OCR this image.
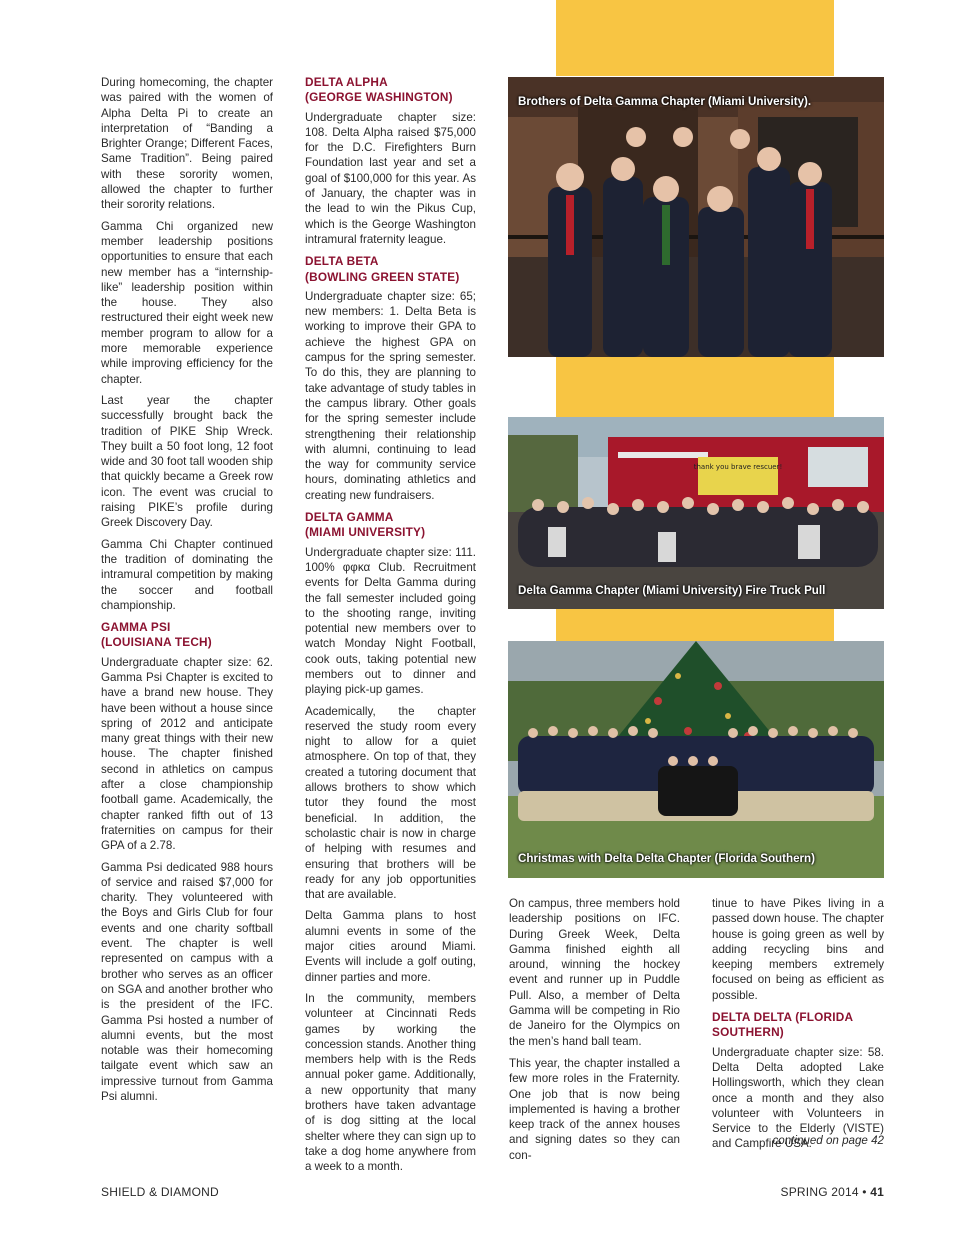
During homecoming, the chapter was paired with the women of Alpha Delta Pi to create an interpretation of “Banding a Brighter Orange; Different Faces, Same Tradition”. Being paired with these sorority women, allowed the chapter to further their sorority relations.

Gamma Chi organized new member leadership positions opportunities to ensure that each new member has a “internship-like” leadership position within the house. They also restructured their eight week new member program to allow for a more memorable experience while improving efficiency for the chapter.

Last year the chapter successfully brought back the tradition of PIKE Ship Wreck. They built a 50 foot long, 12 foot wide and 30 foot tall wooden ship that quickly became a Greek row icon. The event was crucial to raising PIKE’s profile during Greek Discovery Day.

Gamma Chi Chapter continued the tradition of dominating the intramural competition by making the soccer and football championship.

GAMMA PSI
(LOUISIANA TECH)

Undergraduate chapter size: 62. Gamma Psi Chapter is excited to have a brand new house. They have been without a house since spring of 2012 and anticipate many great things with their new house. The chapter finished second in athletics on campus after a close championship football game. Academically, the chapter ranked fifth out of 13 fraternities on campus for their GPA of a 2.78.

Gamma Psi dedicated 988 hours of service and raised $7,000 for charity. They volunteered with the Boys and Girls Club for four events and one charity softball event. The chapter is well represented on campus with a brother who serves as an officer on SGA and another brother who is the president of the IFC. Gamma Psi hosted a number of alumni events, but the most notable was their homecoming tailgate event which saw an impressive turnout from Gamma Psi alumni.

DELTA ALPHA
(GEORGE WASHINGTON)

Undergraduate chapter size: 108. Delta Alpha raised $75,000 for the D.C. Firefighters Burn Foundation last year and set a goal of $100,000 for this year. As of January, the chapter was in the lead to win the Pikus Cup, which is the George Washington intramural fraternity league.

DELTA BETA
(BOWLING GREEN STATE)

Undergraduate chapter size: 65; new members: 1. Delta Beta is working to improve their GPA to achieve the highest GPA on campus for the spring semester. To do this, they are planning to take advantage of study tables in the campus library. Other goals for the spring semester include strengthening their relationship with alumni, continuing to lead the way for community service hours, dominating athletics and creating new fundraisers.

DELTA GAMMA
(MIAMI UNIVERSITY)

Undergraduate chapter size: 111. 100% φφκα Club. Recruitment events for Delta Gamma during the fall semester included going to the shooting range, inviting potential new members over to watch Monday Night Football, cook outs, taking potential new members out to dinner and playing pick-up games.

Academically, the chapter reserved the study room every night to allow for a quiet atmosphere. On top of that, they created a tutoring document that allows brothers to show which tutor they found the most beneficial. In addition, the scholastic chair is now in charge of helping with resumes and ensuring that brothers will be ready for any job opportunities that are available.

Delta Gamma plans to host alumni events in some of the major cities around Miami. Events will include a golf outing, dinner parties and more.

In the community, members volunteer at Cincinnati Reds games by working the concession stands. Another thing members help with is the Reds annual poker game. Additionally, a new opportunity that many brothers have taken advantage of is dog sitting at the local shelter where they can sign up to take a dog home anywhere from a week to a month.

Brothers of Delta Gamma Chapter (Miami University).
thank you brave rescuer!
Delta Gamma Chapter (Miami University) Fire Truck Pull
Christmas with Delta Delta Chapter (Florida Southern)

On campus, three members hold leadership positions on IFC. During Greek Week, Delta Gamma finished eighth all around, winning the hockey event and runner up in Puddle Pull. Also, a member of Delta Gamma will be competing in Rio de Janeiro for the Olympics on the men’s hand ball team.

This year, the chapter installed a few more roles in the Fraternity. One job that is now being implemented is having a brother keep track of the annex houses and signing dates so they can con-

tinue to have Pikes living in a passed down house. The chapter house is going green as well by adding recycling bins and keeping members extremely focused on being as efficient as possible.

DELTA DELTA (FLORIDA
SOUTHERN)

Undergraduate chapter size: 58. Delta Delta adopted Lake Hollingsworth, which they clean once a month and they also volunteer with Volunteers in Service to the Elderly (VISTE) and Campfire USA.

continued on page 42
SHIELD & DIAMOND	SPRING 2014 • 41
